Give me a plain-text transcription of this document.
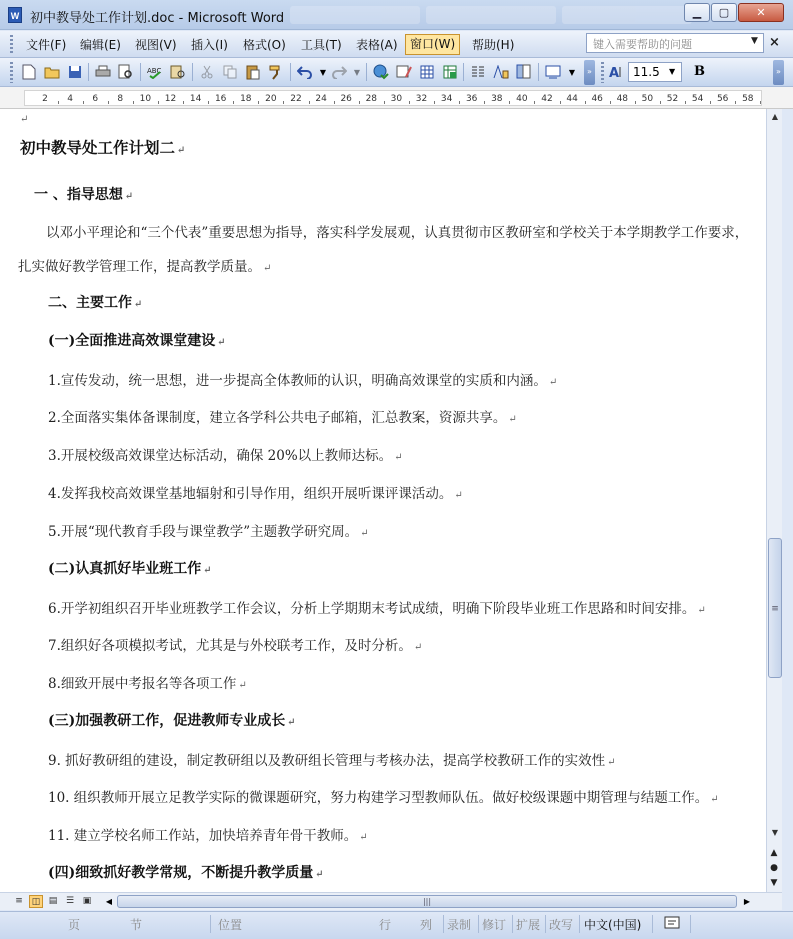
W 初中教导处工作计划.doc - Microsoft Word	▁	▢	✕
文件(F)	编辑(E)	视图(V)	插入(I)	格式(O)	工具(T)	表格(A)	窗口(W)	帮助(H)	键入需要帮助的问题	▼ ×
ABC	▼	▼	▼	» A	»
11.5	▼ B
2 4 6 8 10 12 14 16 18 20 22 24 26 28 30 32 34 36 38 40 42 44 46 48 50 52 54 56 58
↵
初中教导处工作计划二 ↵
一 、指导思想 ↵
以邓小平理论和“三个代表”重要思想为指导，落实科学发展观，认真贯彻市区教研室和学校关于本学期教学工作要求，
扎实做好教学管理工作，提高教学质量。 ↵
二、主要工作 ↵
(一)全面推进高效课堂建设 ↵
1.宣传发动，统一思想，进一步提高全体教师的认识，明确高效课堂的实质和内涵。 ↵
2.全面落实集体备课制度，建立各学科公共电子邮箱，汇总教案，资源共享。 ↵
3.开展校级高效课堂达标活动，确保 20%以上教师达标。 ↵
4.发挥我校高效课堂基地辐射和引导作用，组织开展听课评课活动。 ↵
5.开展“现代教育手段与课堂教学”主题教学研究周。 ↵
(二)认真抓好毕业班工作 ↵
6.开学初组织召开毕业班教学工作会议，分析上学期期末考试成绩，明确下阶段毕业班工作思路和时间安排。 ↵
7.组织好各项模拟考试，尤其是与外校联考工作，及时分析。 ↵
8.细致开展中考报名等各项工作 ↵
(三)加强教研工作，促进教师专业成长 ↵
9. 抓好教研组的建设，制定教研组以及教研组长管理与考核办法，提高学校教研工作的实效性 ↵
10. 组织教师开展立足教学实际的微课题研究，努力构建学习型教师队伍。做好校级课题中期管理与结题工作。 ↵
11. 建立学校名师工作站，加快培养青年骨干教师。 ↵
(四)细致抓好教学常规，不断提升教学质量 ↵
▲
≡
▼
▲
●
▼
≡ ◫ ▤ ☰ ▣	◀	|||	▶
页	节	位置	行 列 录制 修订 扩展 改写 中文(中国)
